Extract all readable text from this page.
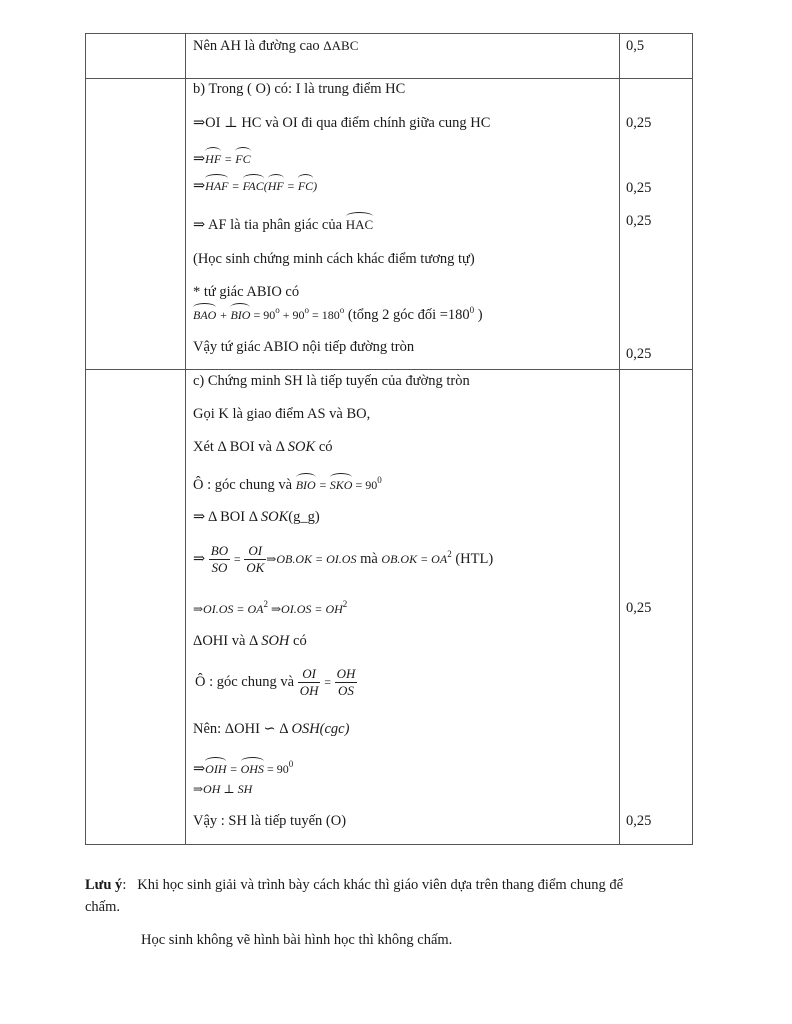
Nên AH là đường cao ΔABC	0,5
b) Trong ( O) có: I là trung điểm HC
⇒OI ⊥ HC và OI đi qua điểm chính giữa cung HC
⇒HF = FC
⇒HAF = FAC(HF = FC)
⇒ AF là tia phân giác của HAC
(Học sinh chứng minh cách khác điểm tương tự)
* tứ giác ABIO có
BAO + BIO = $90^o + 90^o = 180^o$ (tổng 2 góc đối $=180^0$ )
Vậy tứ giác ABIO nội tiếp đường tròn
0,25
0,25
0,25
0,25
c) Chứng minh SH là tiếp tuyến của đường tròn
Gọi K là giao điểm AS và BO,
Xét Δ BOI và Δ SOK có
Ô : góc chung và BIO = SKO = $90^0$
⇒ Δ BOI Δ SOK(g_g)
⇒ $\frac{BO}{SO} = \frac{OI}{OK}$ ⇒OB.OK = OI.OS mà $OB.OK = OA^2$ (HTL)
⇒OI.OS = $OA^2$ ⇒OI.OS = $OH^2$
ΔOHI và Δ SOH có
Ô : góc chung và $\frac{OI}{OH} = \frac{OH}{OS}$
Nên: ΔOHI ∽ Δ OSH(cgc)
⇒OIH = OHS = $90^0$
⇒OH ⊥ SH
Vậy : SH là tiếp tuyến (O)
0,25
0,25
Lưu ý: Khi học sinh giải và trình bày cách khác thì giáo viên dựa trên thang điểm chung để
chấm.
Học sinh không vẽ hình bài hình học thì không chấm.
